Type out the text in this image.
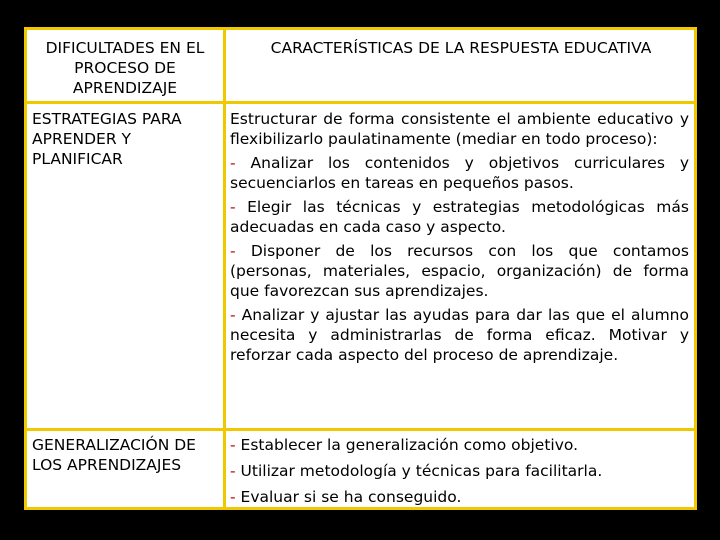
DIFICULTADES EN EL PROCESO DE APRENDIZAJE
CARACTERÍSTICAS DE LA RESPUESTA EDUCATIVA
ESTRATEGIAS PARA APRENDER Y PLANIFICAR

Estructurar de forma consistente el ambiente educativo y flexibilizarlo paulatinamente (mediar en todo proceso):

- Analizar los contenidos y objetivos curriculares y secuenciarlos en tareas en pequeños pasos.

- Elegir las técnicas y estrategias metodológicas más adecuadas en cada caso y aspecto.

- Disponer de los recursos con los que contamos (personas, materiales, espacio, organización) de forma que favorezcan sus aprendizajes.

- Analizar y ajustar las ayudas para dar las que el alumno necesita y administrarlas de forma eficaz. Motivar y reforzar cada aspecto del proceso de aprendizaje.

GENERALIZACIÓN DE LOS APRENDIZAJES
- Establecer la generalización como objetivo.
- Utilizar metodología y técnicas para facilitarla.
- Evaluar si se ha conseguido.
